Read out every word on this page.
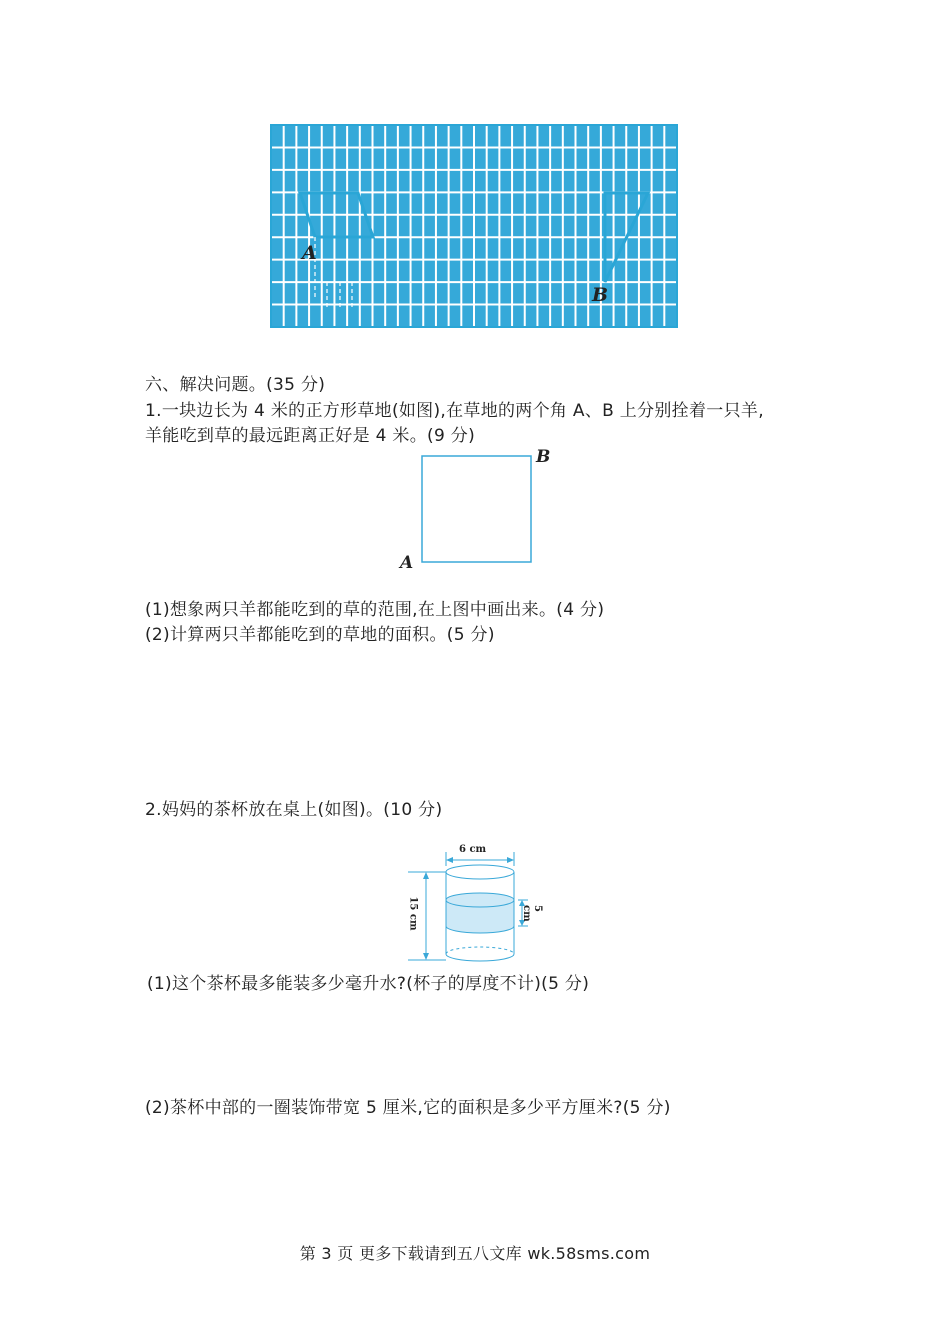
A
B
六、解决问题。(35 分)
1.一块边长为 4 米的正方形草地(如图),在草地的两个角 A、B 上分别拴着一只羊,
羊能吃到草的最远距离正好是 4 米。(9 分)
A
B
(1)想象两只羊都能吃到的草的范围,在上图中画出来。(4 分)
(2)计算两只羊都能吃到的草地的面积。(5 分)
2.妈妈的茶杯放在桌上(如图)。(10 分)
6 cm
15 cm	5 cm
(1)这个茶杯最多能装多少毫升水?(杯子的厚度不计)(5 分)
(2)茶杯中部的一圈装饰带宽 5 厘米,它的面积是多少平方厘米?(5 分)
第 3 页 更多下载请到五八文库 wk.58sms.com
